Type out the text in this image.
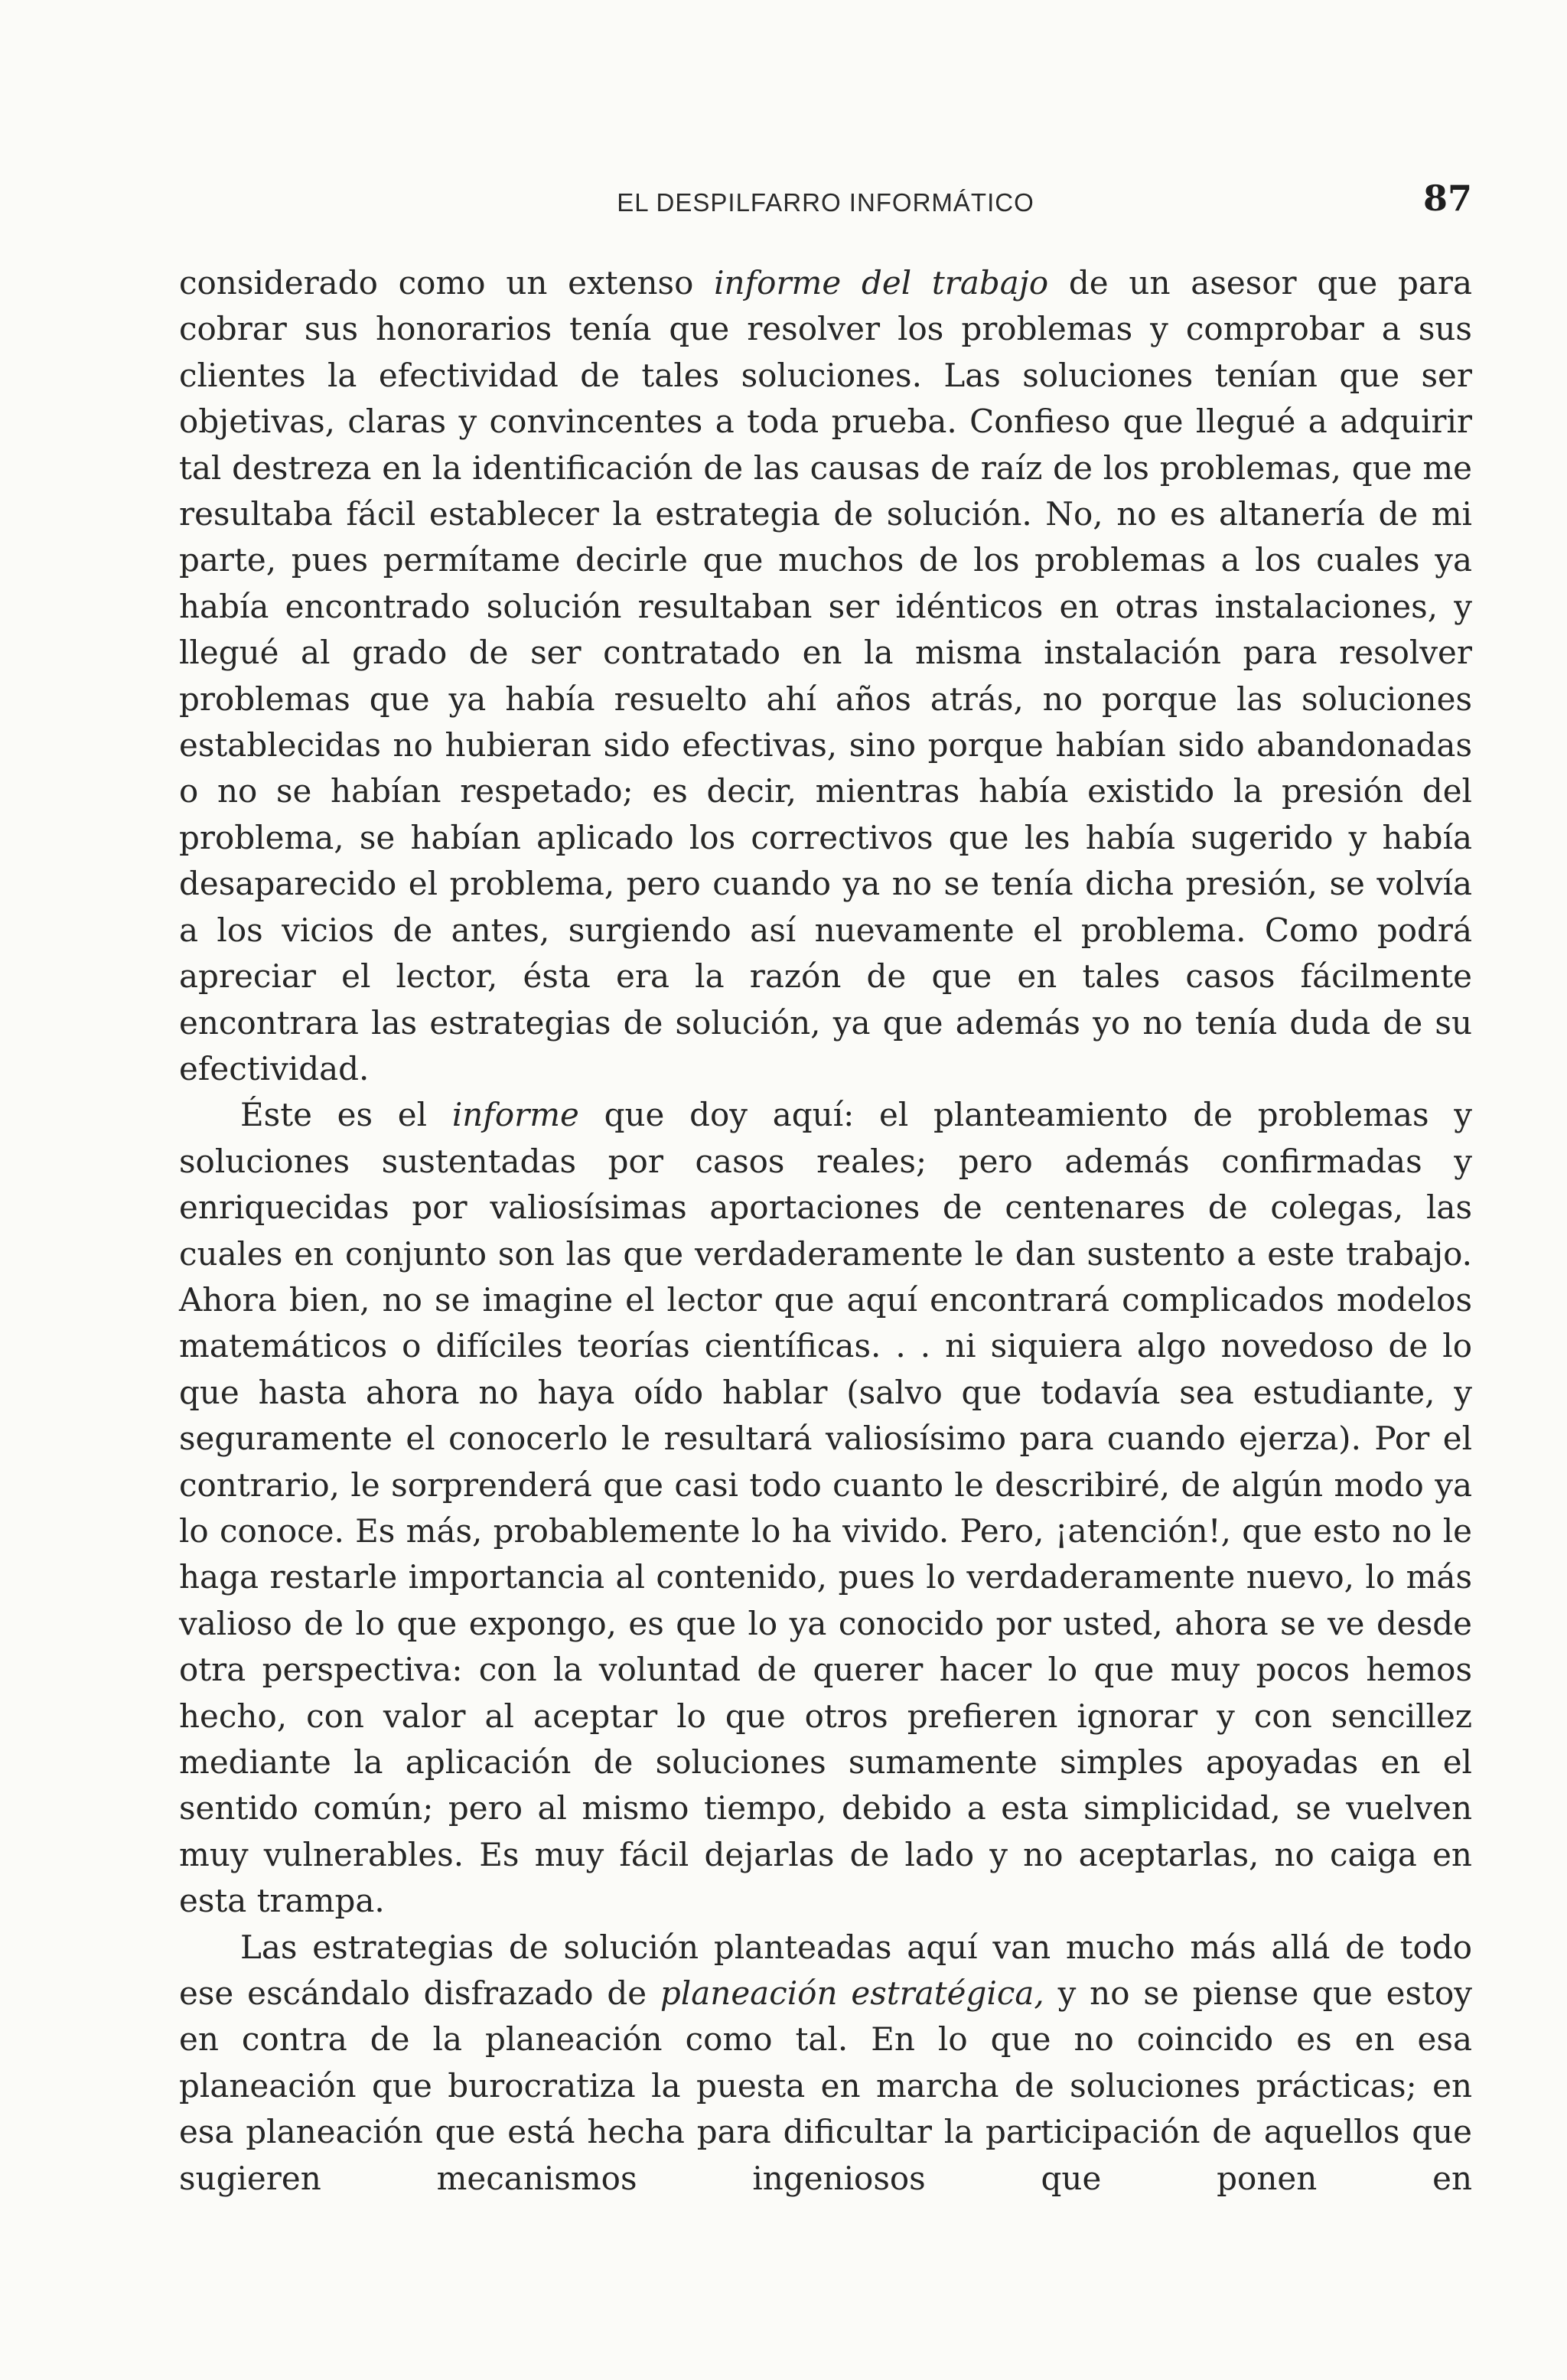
EL DESPILFARRO INFORMÁTICO	87

considerado como un extenso informe del trabajo de un asesor que para cobrar sus honorarios tenía que resolver los problemas y comprobar a sus clientes la efectividad de tales soluciones. Las soluciones tenían que ser objetivas, claras y convincentes a toda prueba. Confieso que llegué a adquirir tal destreza en la identificación de las causas de raíz de los problemas, que me resultaba fácil establecer la estrategia de solución. No, no es altanería de mi parte, pues permítame decirle que muchos de los problemas a los cuales ya había encontrado solución resultaban ser idénticos en otras instalaciones, y llegué al grado de ser contratado en la misma instalación para resolver problemas que ya había resuelto ahí años atrás, no porque las soluciones establecidas no hubieran sido efectivas, sino porque habían sido abandonadas o no se habían respetado; es decir, mientras había existido la presión del problema, se habían aplicado los correctivos que les había sugerido y había desaparecido el problema, pero cuando ya no se tenía dicha presión, se volvía a los vicios de antes, surgiendo así nuevamente el problema. Como podrá apreciar el lector, ésta era la razón de que en tales casos fácilmente encontrara las estrategias de solución, ya que además yo no tenía duda de su efectividad.

Éste es el informe que doy aquí: el planteamiento de problemas y soluciones sustentadas por casos reales; pero además confirmadas y enriquecidas por valiosísimas aportaciones de centenares de colegas, las cuales en conjunto son las que verdaderamente le dan sustento a este trabajo. Ahora bien, no se imagine el lector que aquí encontrará complicados modelos matemáticos o difíciles teorías científicas. . . ni siquiera algo novedoso de lo que hasta ahora no haya oído hablar (salvo que todavía sea estudiante, y seguramente el conocerlo le resultará valiosísimo para cuando ejerza). Por el contrario, le sorprenderá que casi todo cuanto le describiré, de algún modo ya lo conoce. Es más, probablemente lo ha vivido. Pero, ¡atención!, que esto no le haga restarle importancia al contenido, pues lo verdaderamente nuevo, lo más valioso de lo que expongo, es que lo ya conocido por usted, ahora se ve desde otra perspectiva: con la voluntad de querer hacer lo que muy pocos hemos hecho, con valor al aceptar lo que otros prefieren ignorar y con sencillez mediante la aplicación de soluciones sumamente simples apoyadas en el sentido común; pero al mismo tiempo, debido a esta simplicidad, se vuelven muy vulnerables. Es muy fácil dejarlas de lado y no aceptarlas, no caiga en esta trampa.

Las estrategias de solución planteadas aquí van mucho más allá de todo ese escándalo disfrazado de planeación estratégica, y no se piense que estoy en contra de la planeación como tal. En lo que no coincido es en esa planeación que burocratiza la puesta en marcha de soluciones prácticas; en esa planeación que está hecha para dificultar la participación de aquellos que sugieren mecanismos ingeniosos que ponen en
